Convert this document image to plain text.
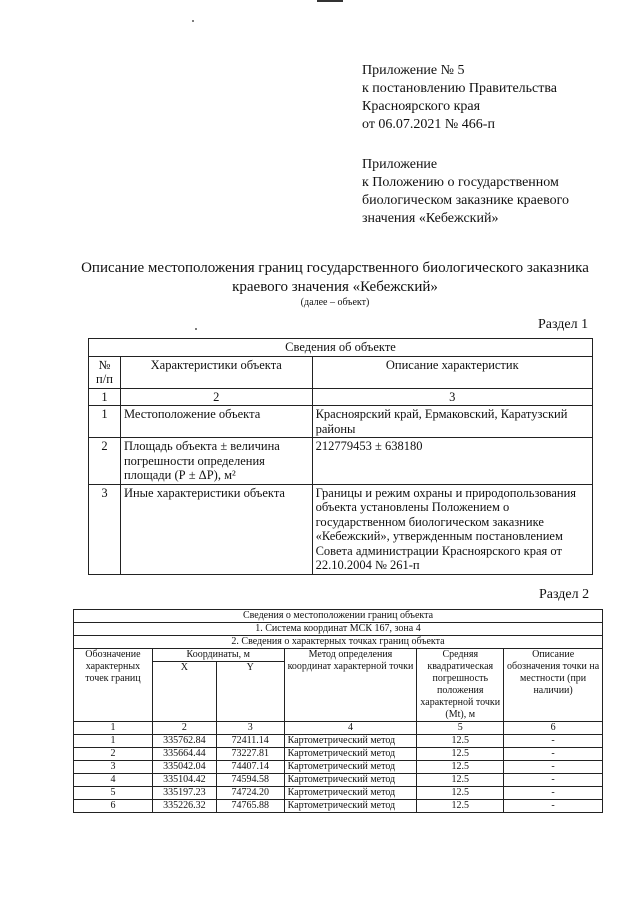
Приложение № 5
к постановлению Правительства
Красноярского края
от 06.07.2021 № 466-п
Приложение
к Положению о государственном
биологическом заказнике краевого
значения «Кебежский»
Описание местоположения границ государственного биологического заказника
краевого значения «Кебежский»
(далее – объект)
Раздел 1
Сведения об объекте		
№ п/п	Характеристики объекта	Описание характеристик
1	2	3
1	Местоположение объекта	Красноярский край, Ермаковский, Каратузский районы
2	Площадь объекта ± величина погрешности определения площади (Р ± ΔР), м²	212779453 ± 638180
3	Иные характеристики объекта	Границы и режим охраны и природопользования объекта установлены Положением о государственном биологическом заказнике «Кебежский», утвержденным постановлением Совета администрации Красноярского края от 22.10.2004 № 261-п
Раздел 2
Сведения о местоположении границ объекта					
1. Система координат МСК 167, зона 4					
2. Сведения о характерных точках границ объекта					
Обозначение характерных точек границ	Координаты, м		Метод определения координат характерной точки	Средняя квадратическая погрешность положения характерной точки (Mt), м	Описание обозначения точки на местности (при наличии)
	X	Y			
1	2	3	4	5	6
1	335762.84	72411.14	Картометрический метод	12.5	-
2	335664.44	73227.81	Картометрический метод	12.5	-
3	335042.04	74407.14	Картометрический метод	12.5	-
4	335104.42	74594.58	Картометрический метод	12.5	-
5	335197.23	74724.20	Картометрический метод	12.5	-
6	335226.32	74765.88	Картометрический метод	12.5	-
